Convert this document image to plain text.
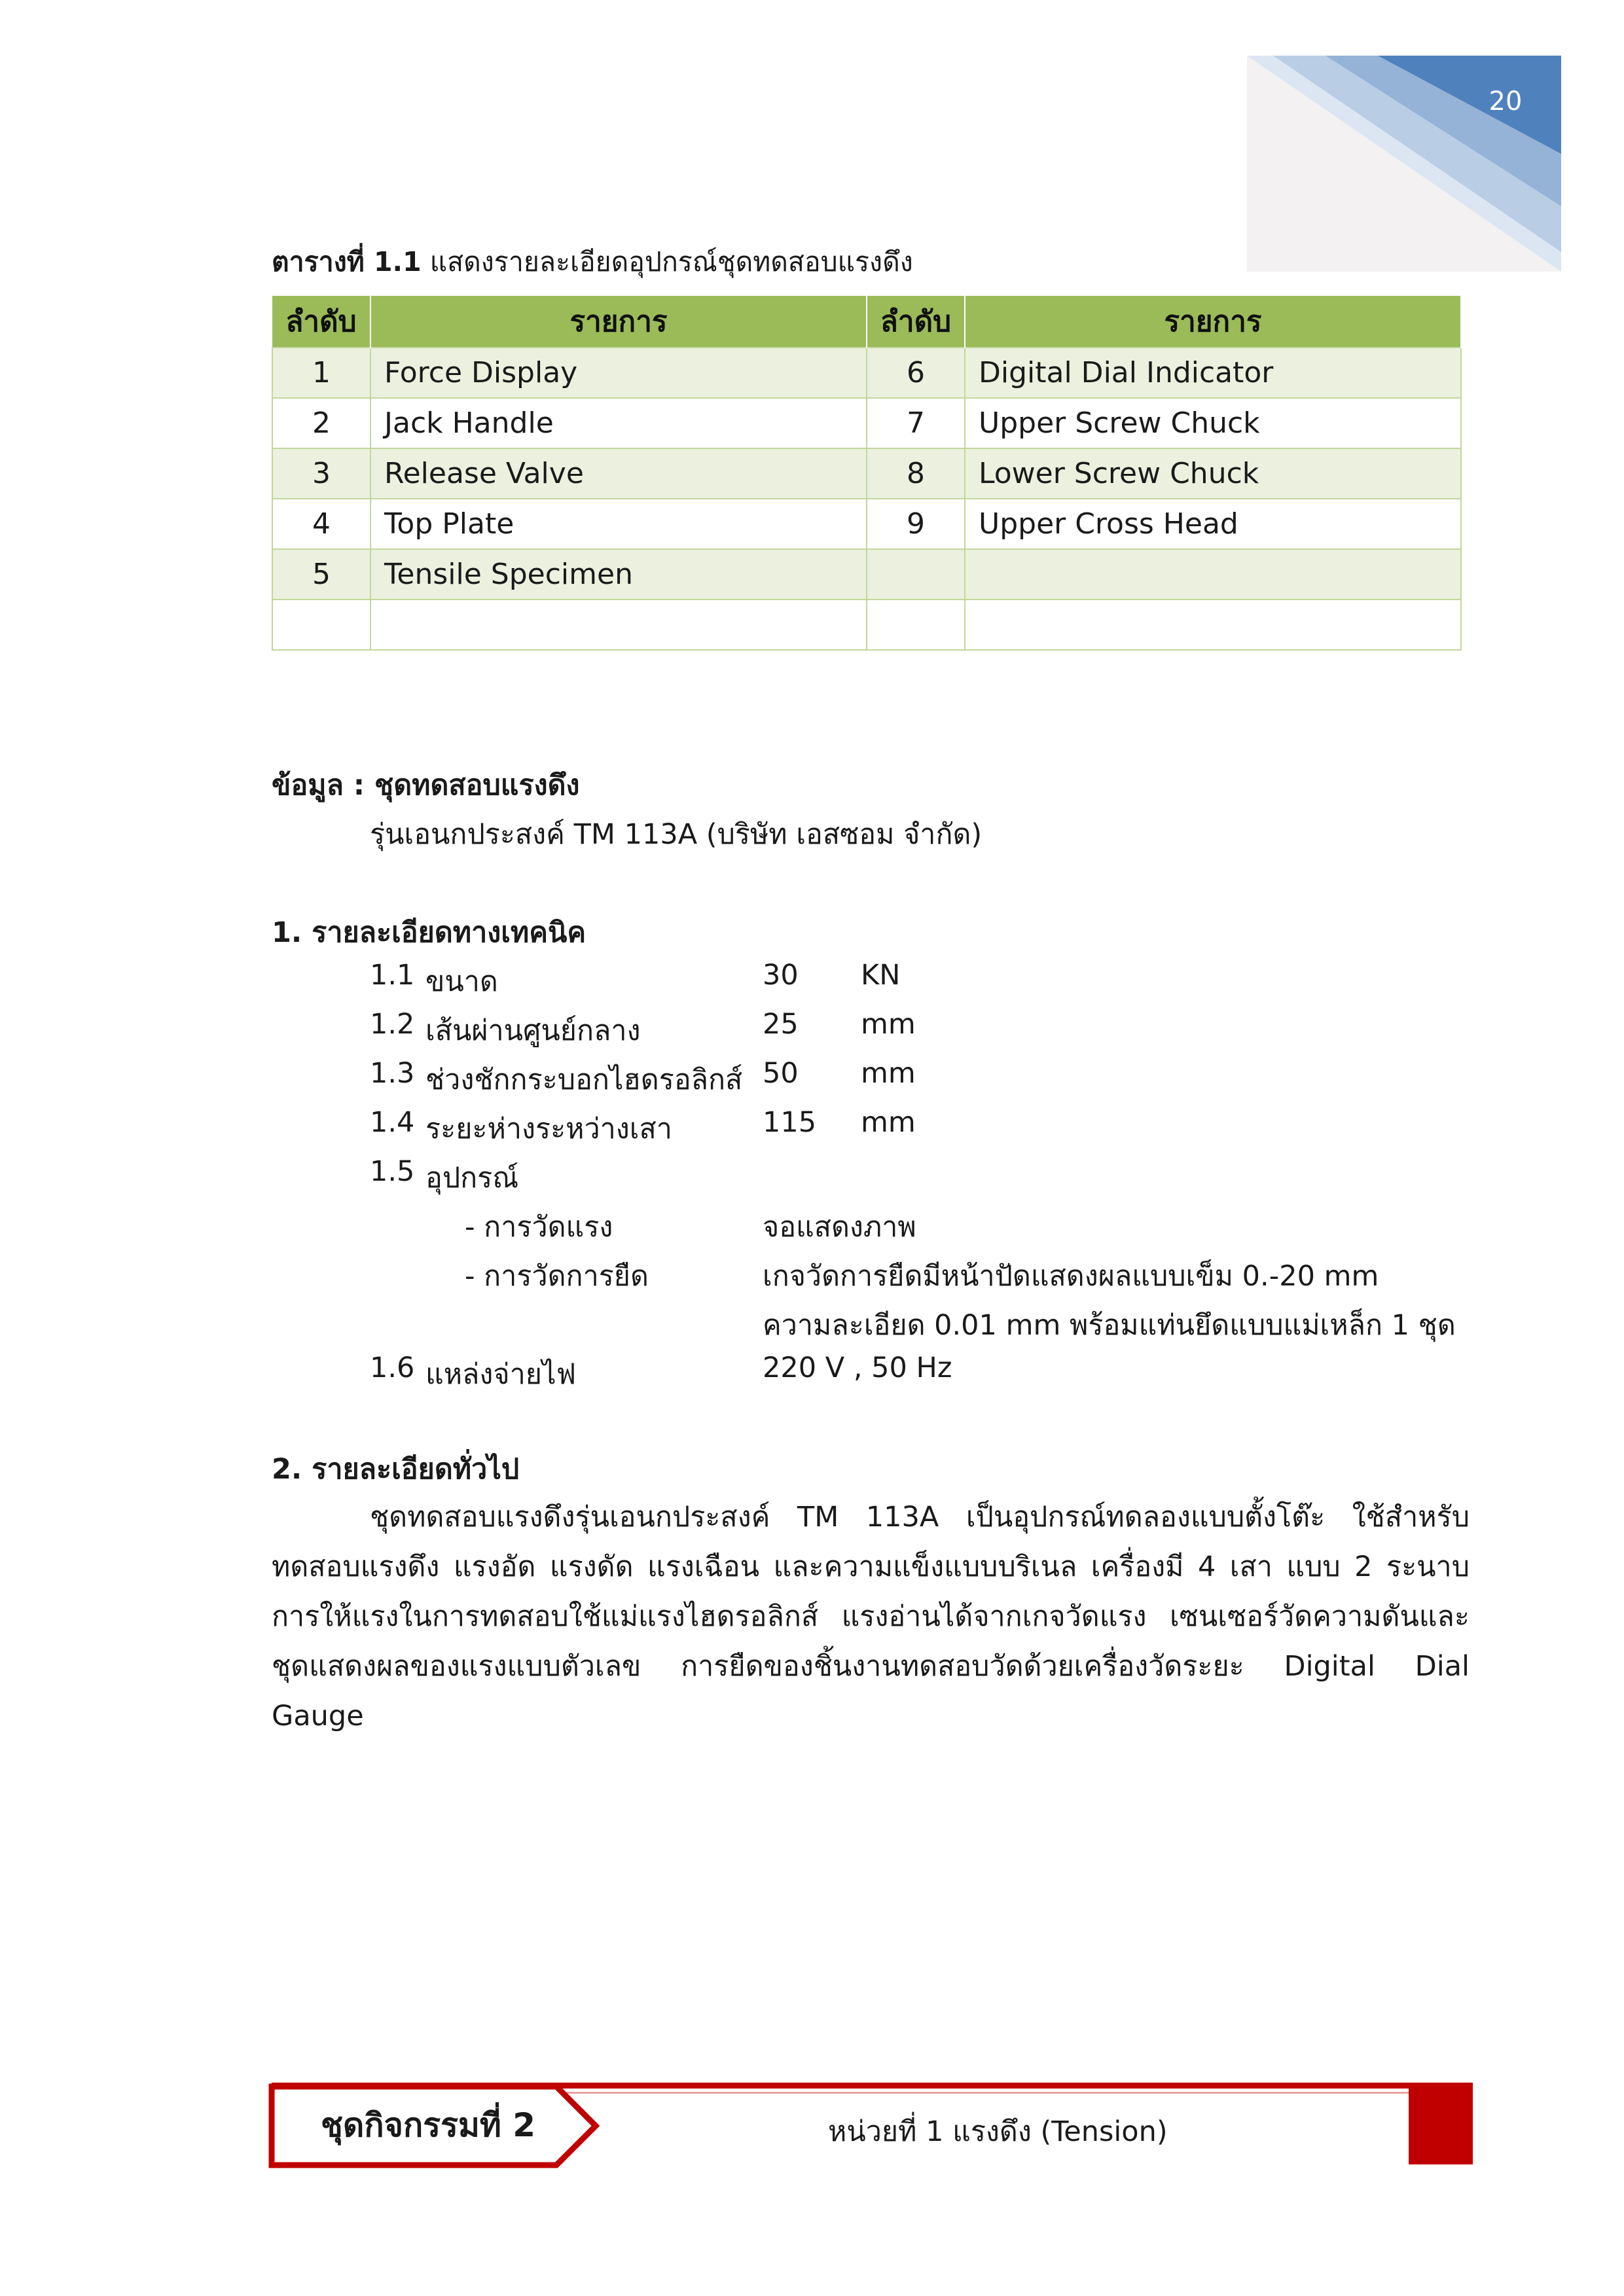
20
ตารางที่ 1.1 แสดงรายละเอียดอุปกรณ์ชุดทดสอบแรงดึง
ลำดับ	รายการ	ลำดับ	รายการ
1	Force Display	6	Digital Dial Indicator
2	Jack Handle	7	Upper Screw Chuck
3	Release Valve	8	Lower Screw Chuck
4	Top Plate	9	Upper Cross Head
5	Tensile Specimen		

ข้อมูล : ชุดทดสอบแรงดึง
รุ่นเอนกประสงค์ TM 113A (บริษัท เอสซอม จำกัด)
1. รายละเอียดทางเทคนิค
1.1 ขนาด	30 KN
1.2 เส้นผ่านศูนย์กลาง	25 mm
1.3 ช่วงชักกระบอกไฮดรอลิกส์ 50 mm
1.4 ระยะห่างระหว่างเสา	115 mm
1.5 อุปกรณ์
- การวัดแรง	จอแสดงภาพ
- การวัดการยืด	เกจวัดการยืดมีหน้าปัดแสดงผลแบบเข็ม 0.-20 mm
ความละเอียด 0.01 mm พร้อมแท่นยึดแบบแม่เหล็ก 1 ชุด
1.6 แหล่งจ่ายไฟ	220 V , 50 Hz
2. รายละเอียดทั่วไป
ชุดทดสอบแรงดึงรุ่นเอนกประสงค์ TM 113A เป็นอุปกรณ์ทดลองแบบตั้งโต๊ะ ใช้สำหรับทดสอบแรงดึง แรงอัด แรงดัด แรงเฉือน และความแข็งแบบบริเนล เครื่องมี 4 เสา แบบ 2 ระนาบ การให้แรงในการทดสอบใช้แม่แรงไฮดรอลิกส์ แรงอ่านได้จากเกจวัดแรง เซนเซอร์วัดความดันและชุดแสดงผลของแรงแบบตัวเลข การยืดของชิ้นงานทดสอบวัดด้วยเครื่องวัดระยะ Digital Dial Gauge
ชุดกิจกรรมที่ 2	หน่วยที่ 1 แรงดึง (Tension)
